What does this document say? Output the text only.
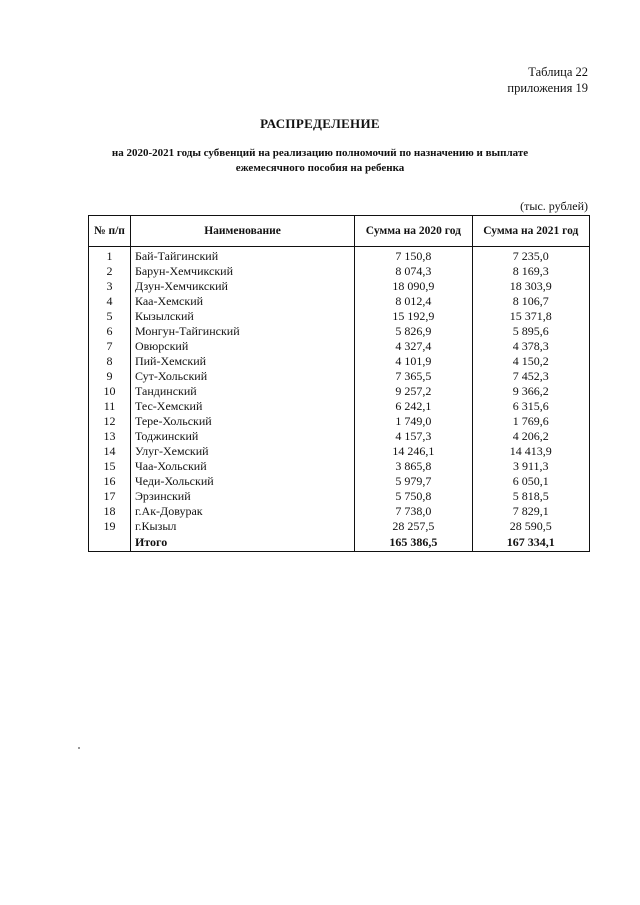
Таблица 22
приложения 19
РАСПРЕДЕЛЕНИЕ
на 2020-2021 годы субвенций на реализацию полномочий по назначению и выплате
ежемесячного пособия на ребенка
(тыс. рублей)
№ п/п	Наименование	Сумма на 2020 год	Сумма на 2021 год
1	Бай-Тайгинский	7 150,8	7 235,0
2	Барун-Хемчикский	8 074,3	8 169,3
3	Дзун-Хемчикский	18 090,9	18 303,9
4	Каа-Хемский	8 012,4	8 106,7
5	Кызылский	15 192,9	15 371,8
6	Монгун-Тайгинский	5 826,9	5 895,6
7	Овюрский	4 327,4	4 378,3
8	Пий-Хемский	4 101,9	4 150,2
9	Сут-Хольский	7 365,5	7 452,3
10	Тандинский	9 257,2	9 366,2
11	Тес-Хемский	6 242,1	6 315,6
12	Тере-Хольский	1 749,0	1 769,6
13	Тоджинский	4 157,3	4 206,2
14	Улуг-Хемский	14 246,1	14 413,9
15	Чаа-Хольский	3 865,8	3 911,3
16	Чеди-Хольский	5 979,7	6 050,1
17	Эрзинский	5 750,8	5 818,5
18	г.Ак-Довурак	7 738,0	7 829,1
19	г.Кызыл	28 257,5	28 590,5
	Итого	165 386,5	167 334,1
